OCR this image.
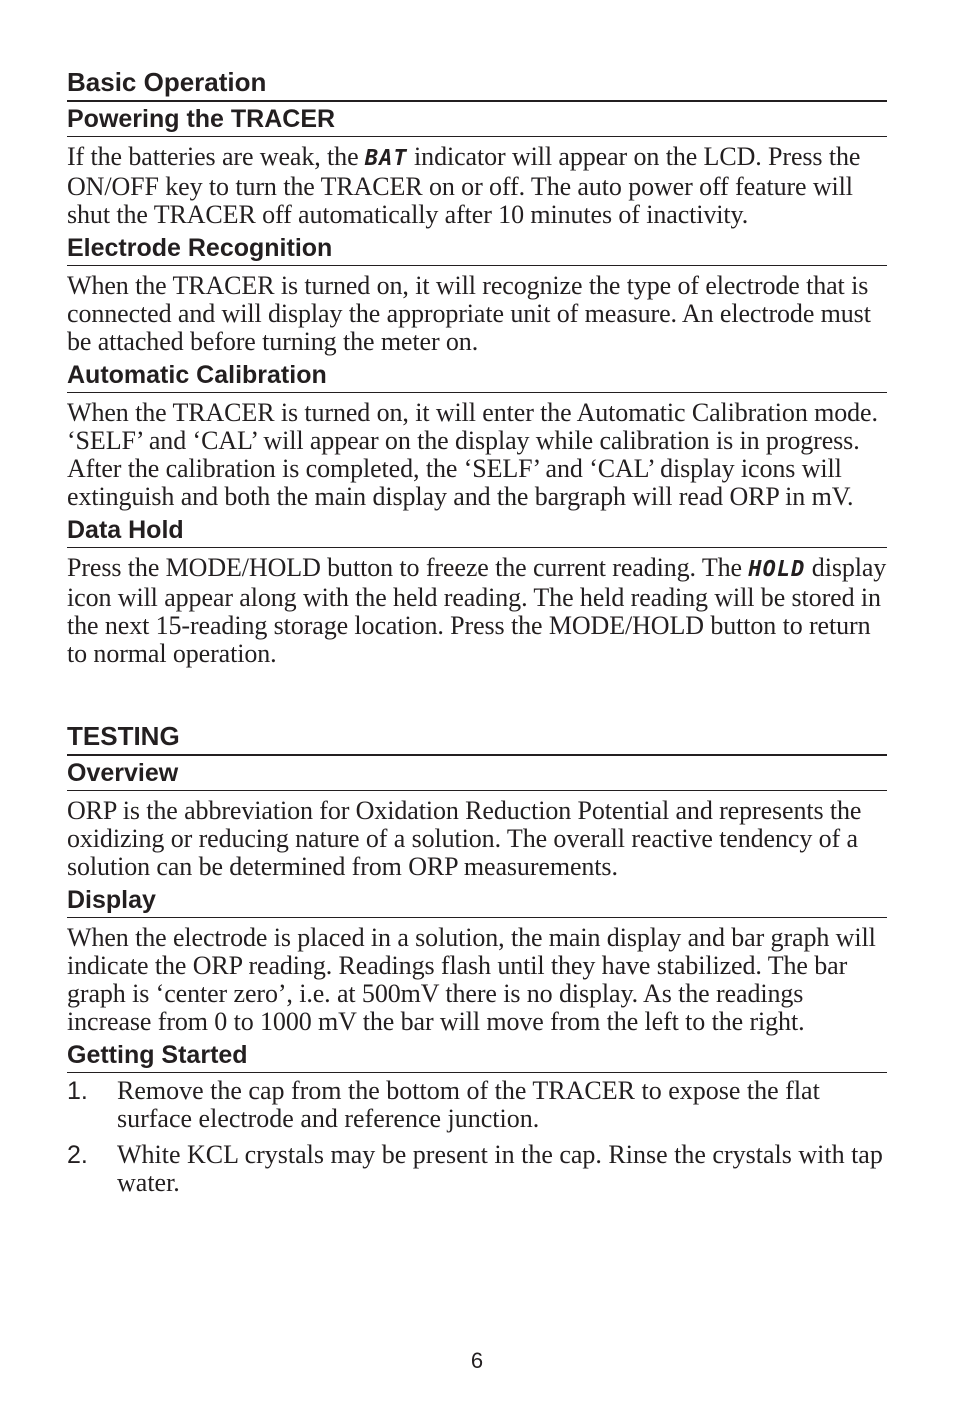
Basic Operation
Powering the TRACER

If the batteries are weak, the BAT indicator will appear on the LCD. Press the ON/OFF key to turn the TRACER on or off. The auto power off feature will shut the TRACER off automatically after 10 minutes of inactivity.

Electrode Recognition

When the TRACER is turned on, it will recognize the type of electrode that is connected and will display the appropriate unit of measure. An electrode must be attached before turning the meter on.

Automatic Calibration

When the TRACER is turned on, it will enter the Automatic Calibration mode. ‘SELF’ and ‘CAL’ will appear on the display while calibration is in progress. After the calibration is completed, the ‘SELF’ and ‘CAL’ display icons will extinguish and both the main display and the bargraph will read ORP in mV.

Data Hold

Press the MODE/HOLD button to freeze the current reading. The HOLD display icon will appear along with the held reading. The held reading will be stored in the next 15-reading storage location. Press the MODE/HOLD button to return to normal operation.

TESTING
Overview

ORP is the abbreviation for Oxidation Reduction Potential and represents the oxidizing or reducing nature of a solution. The overall reactive tendency of a solution can be determined from ORP measurements.

Display

When the electrode is placed in a solution, the main display and bar graph will indicate the ORP reading. Readings flash until they have stabilized. The bar graph is ‘center zero’, i.e. at 500mV there is no display. As the readings increase from 0 to 1000 mV the bar will move from the left to the right.

Getting Started
1.	Remove the cap from the bottom of the TRACER to expose the flat surface electrode and reference junction.
2.	White KCL crystals may be present in the cap. Rinse the crystals with tap water.
6
